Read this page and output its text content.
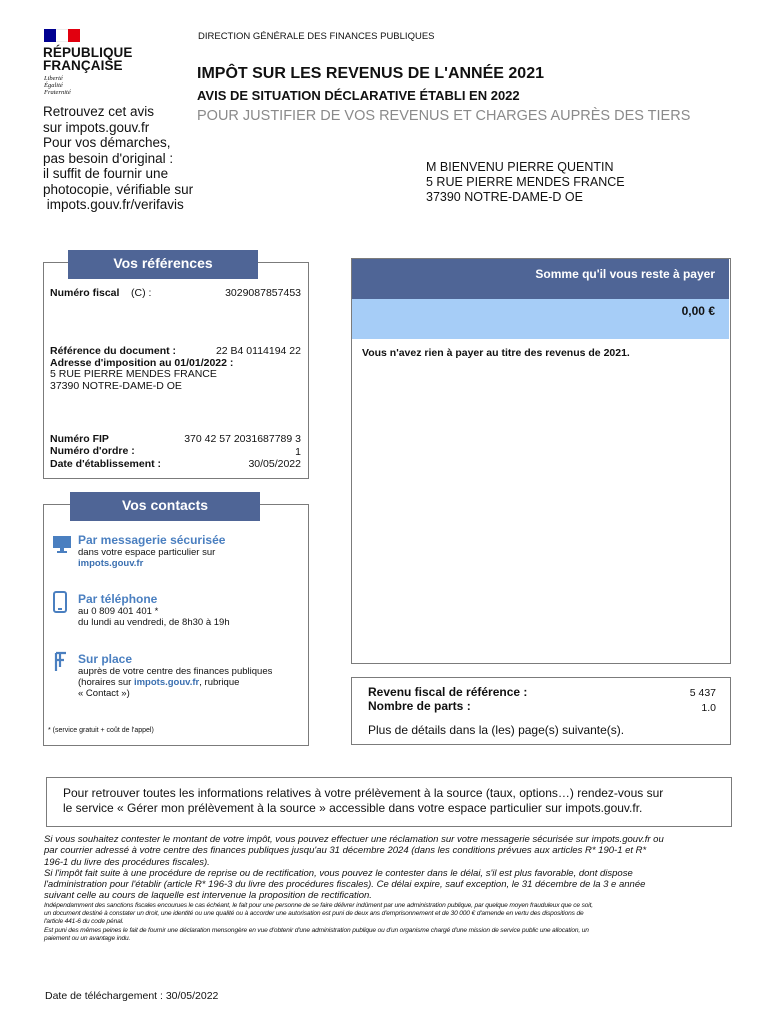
RÉPUBLIQUE
FRANÇAISE
Liberté
Égalité
Fraternité
DIRECTION GÉNÉRALE DES FINANCES PUBLIQUES
IMPÔT SUR LES REVENUS DE L'ANNÉE 2021
AVIS DE SITUATION DÉCLARATIVE ÉTABLI EN 2022
POUR JUSTIFIER DE VOS REVENUS ET CHARGES AUPRÈS DES TIERS
Retrouvez cet avis
sur impots.gouv.fr
Pour vos démarches,
pas besoin d'original :
il suffit de fournir une
photocopie, vérifiable sur
impots.gouv.fr/verifavis
M BIENVENU PIERRE QUENTIN
5 RUE PIERRE MENDES FRANCE
37390 NOTRE-DAME-D OE
Vos références
Numéro fiscal (C) :	3029087857453
Référence du document :	22 B4 0114194 22
Adresse d'imposition au 01/01/2022 :
5 RUE PIERRE MENDES FRANCE
37390 NOTRE-DAME-D OE
Numéro FIP	370 42 57 2031687789 3
Numéro d'ordre :	1
Date d'établissement :	30/05/2022
Vos contacts
Par messagerie sécurisée
dans votre espace particulier sur
impots.gouv.fr
Par téléphone
au 0 809 401 401 *
du lundi au vendredi, de 8h30 à 19h
Sur place
auprès de votre centre des finances publiques
(horaires sur impots.gouv.fr, rubrique
« Contact »)
* (service gratuit + coût de l'appel)
Somme qu'il vous reste à payer
0,00 €
Vous n'avez rien à payer au titre des revenus de 2021.
Revenu fiscal de référence :	5 437
Nombre de parts :	1.0
Plus de détails dans la (les) page(s) suivante(s).
Pour retrouver toutes les informations relatives à votre prélèvement à la source (taux, options…) rendez-vous sur
le service « Gérer mon prélèvement à la source » accessible dans votre espace particulier sur impots.gouv.fr.
Si vous souhaitez contester le montant de votre impôt, vous pouvez effectuer une réclamation sur votre messagerie sécurisée sur impots.gouv.fr ou
par courrier adressé à votre centre des finances publiques jusqu'au 31 décembre 2024 (dans les conditions prévues aux articles R* 190-1 et R*
196-1 du livre des procédures fiscales).
Si l'impôt fait suite à une procédure de reprise ou de rectification, vous pouvez le contester dans le délai, s'il est plus favorable, dont dispose
l'administration pour l'établir (article R* 196-3 du livre des procédures fiscales). Ce délai expire, sauf exception, le 31 décembre de la 3 e année
suivant celle au cours de laquelle est intervenue la proposition de rectification.
Indépendamment des sanctions fiscales encourues le cas échéant, le fait pour une personne de se faire délivrer indûment par une administration publique, par quelque moyen frauduleux que ce soit,
un document destiné à constater un droit, une identité ou une qualité ou à accorder une autorisation est puni de deux ans d'emprisonnement et de 30 000 € d'amende en vertu des dispositions de
l'article 441-6 du code pénal.
Est puni des mêmes peines le fait de fournir une déclaration mensongère en vue d'obtenir d'une administration publique ou d'un organisme chargé d'une mission de service public une allocation, un
paiement ou un avantage indu.
Date de téléchargement : 30/05/2022
